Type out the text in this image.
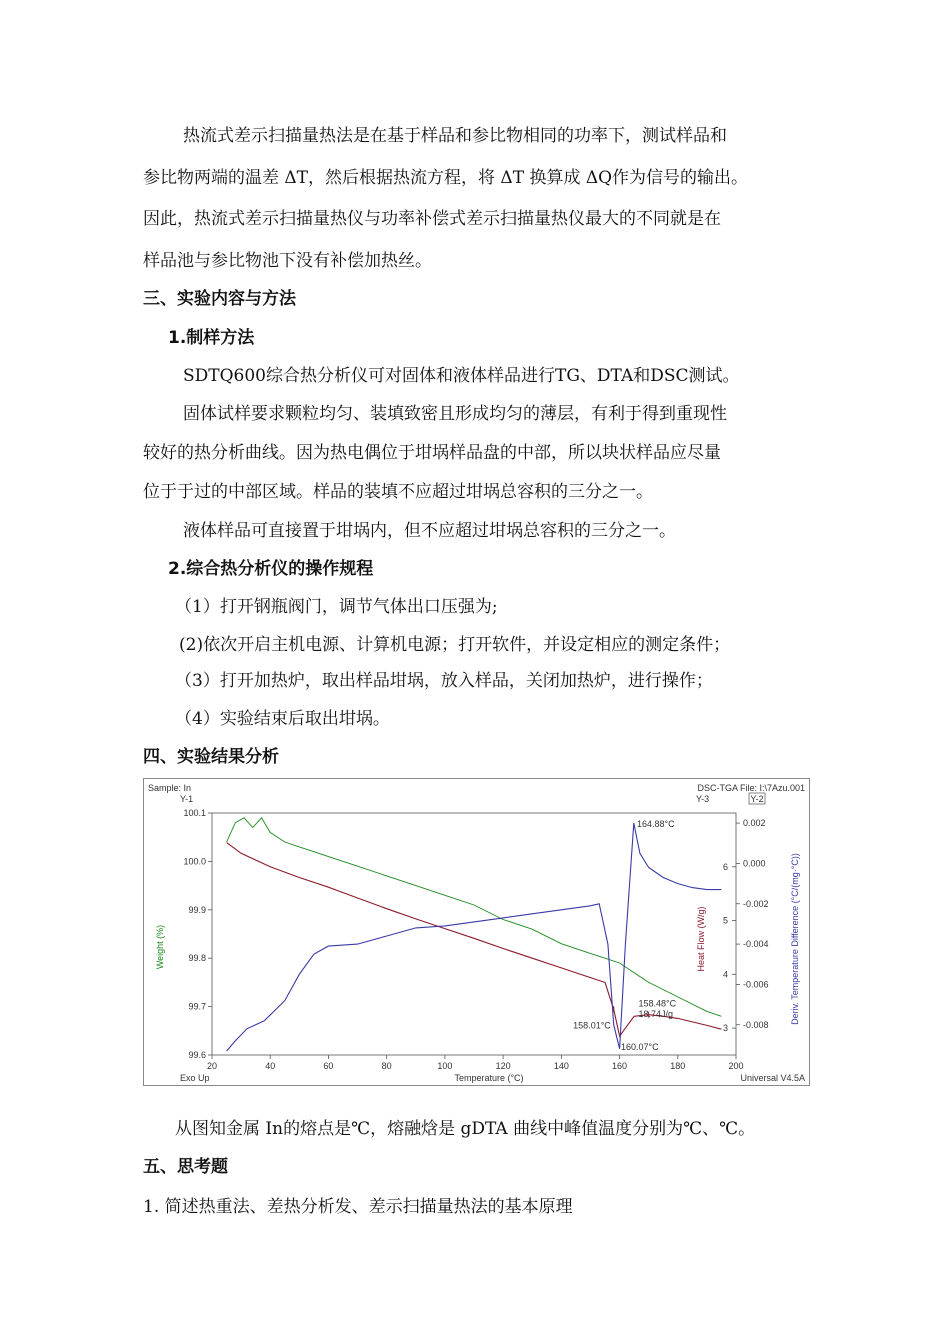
热流式差示扫描量热法是在基于样品和参比物相同的功率下，测试样品和
参比物两端的温差 ΔT，然后根据热流方程，将 ΔT 换算成 ΔQ作为信号的输出。
因此，热流式差示扫描量热仪与功率补偿式差示扫描量热仪最大的不同就是在
样品池与参比物池下没有补偿加热丝。
三、实验内容与方法
1.制样方法
SDTQ600综合热分析仪可对固体和液体样品进行TG、DTA和DSC测试。
固体试样要求颗粒均匀、装填致密且形成均匀的薄层，有利于得到重现性
较好的热分析曲线。因为热电偶位于坩埚样品盘的中部，所以块状样品应尽量
位于于过的中部区域。样品的装填不应超过坩埚总容积的三分之一。
液体样品可直接置于坩埚内，但不应超过坩埚总容积的三分之一。
2.综合热分析仪的操作规程
（1）打开钢瓶阀门，调节气体出口压强为;
(2)依次开启主机电源、计算机电源；打开软件，并设定相应的测定条件；
（3）打开加热炉，取出样品坩埚，放入样品，关闭加热炉，进行操作；
（4）实验结束后取出坩埚。
四、实验结果分析
Sample: In
Y-1
DSC-TGA File: I:\7Azu.001
Y-3	Y-2
Exo Up	Universal V4.5A
Temperature (°C)
Weight (%)	Heat Flow (W/g)	Deriv. Temperature Difference (°C/(mg·°C))
20	40	60	80	100	120	140	160	180	200
100.1
100.0
99.9
99.8
99.7
99.6
6
5
4
3
0.002
0.000
-0.002
-0.004
-0.006
-0.008
164.88°C
158.48°C
18.74J/g
158.01°C
160.07°C
从图知金属 In的熔点是℃，熔融焓是 gDTA 曲线中峰值温度分别为℃、℃。
五、思考题
1. 简述热重法、差热分析发、差示扫描量热法的基本原理
